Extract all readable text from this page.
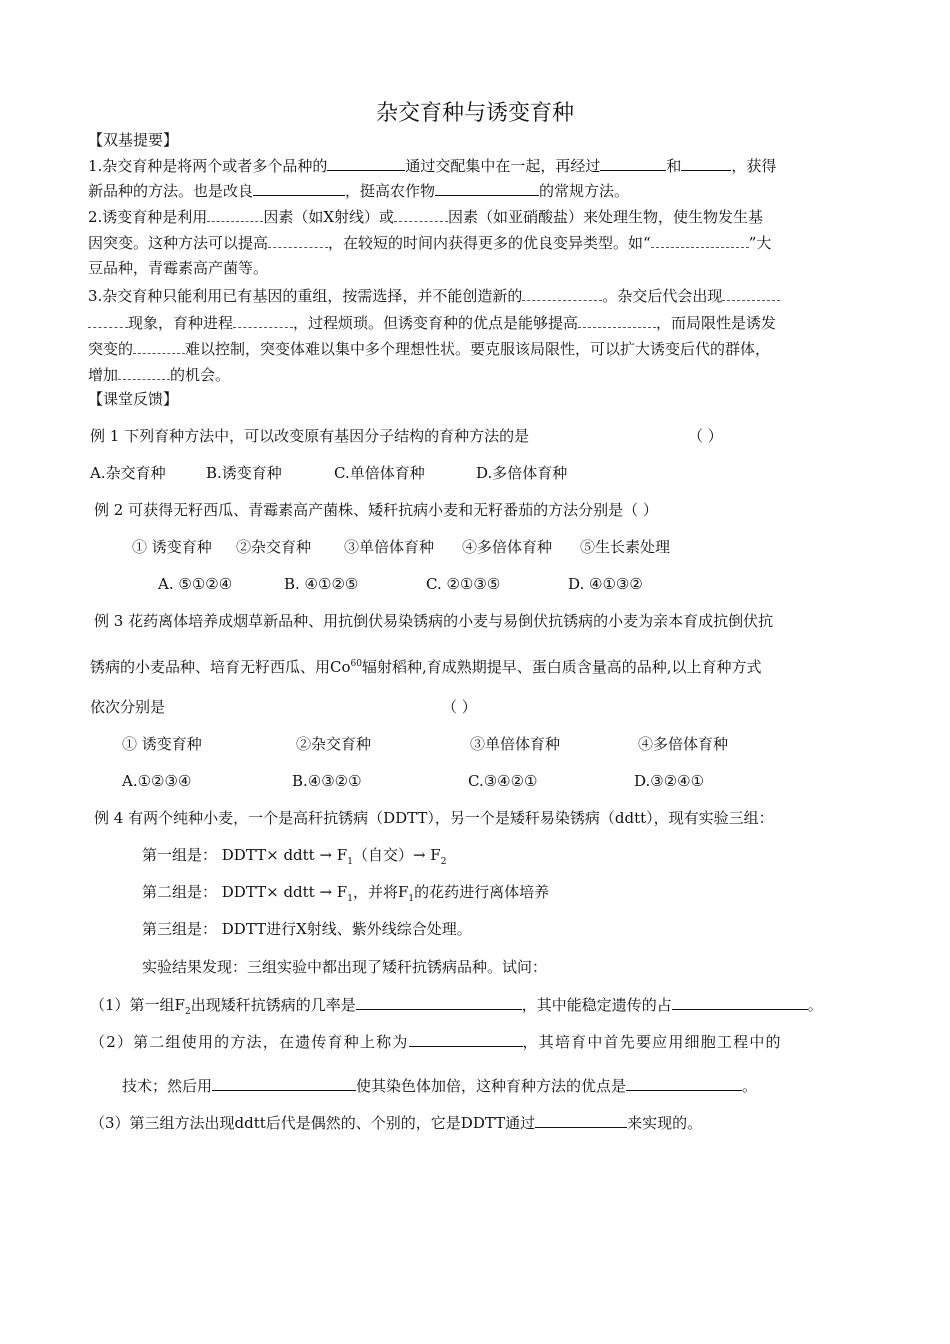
杂交育种与诱变育种
【双基提要】
1.杂交育种是将两个或者多个品种的	通过交配集中在一起，再经过	和	，获得
新品种的方法。也是改良	，挺高农作物	的常规方法。
2.诱变育种是利用	因素（如X射线）或	因素（如亚硝酸盐）来处理生物，使生物发生基
因突变。这种方法可以提高	，在较短的时间内获得更多的优良变异类型。如“	”大
豆品种，青霉素高产菌等。
3.杂交育种只能利用已有基因的重组，按需选择，并不能创造新的	。杂交后代会出现
现象，育种进程	，过程烦琐。但诱变育种的优点是能够提高	，而局限性是诱发
突变的	难以控制，突变体难以集中多个理想性状。要克服该局限性，可以扩大诱变后代的群体，
增加	的机会。
【课堂反馈】
例 1 下列育种方法中，可以改变原有基因分子结构的育种方法的是	（ ）
A.杂交育种	B.诱变育种	C.单倍体育种	D.多倍体育种
例 2 可获得无籽西瓜、青霉素高产菌株、矮秆抗病小麦和无籽番茄的方法分别是（ ）
① 诱变育种 ②杂交育种 ③单倍体育种 ④多倍体育种 ⑤生长素处理
A. ⑤①②④	B. ④①②⑤	C. ②①③⑤	D. ④①③②
例 3 花药离体培养成烟草新品种、用抗倒伏易染锈病的小麦与易倒伏抗锈病的小麦为亲本育成抗倒伏抗
锈病的小麦品种、培育无籽西瓜、用Co$^{60}$辐射稻种,育成熟期提早、蛋白质含量高的品种,以上育种方式
依次分别是	（ ）
① 诱变育种	②杂交育种	③单倍体育种	④多倍体育种
A.①②③④	B.④③②①	C.③④②①	D.③②④①
例 4 有两个纯种小麦，一个是高秆抗锈病（DDTT），另一个是矮秆易染锈病（ddtt），现有实验三组：
第一组是： DDTT× ddtt → $F_1$（自交）→ $F_2$
第二组是： DDTT× ddtt → $F_1$，并将$F_1$的花药进行离体培养
第三组是： DDTT进行X射线、紫外线综合处理。
实验结果发现：三组实验中都出现了矮秆抗锈病品种。试问：
（1）第一组$F_2$出现矮秆抗锈病的几率是	，其中能稳定遗传的占	。
（2）第二组使用的方法，在遗传育种上称为	，其培育中首先要应用细胞工程中的
技术；然后用	使其染色体加倍，这种育种方法的优点是	。
（3）第三组方法出现ddtt后代是偶然的、个别的，它是DDTT通过	来实现的。
